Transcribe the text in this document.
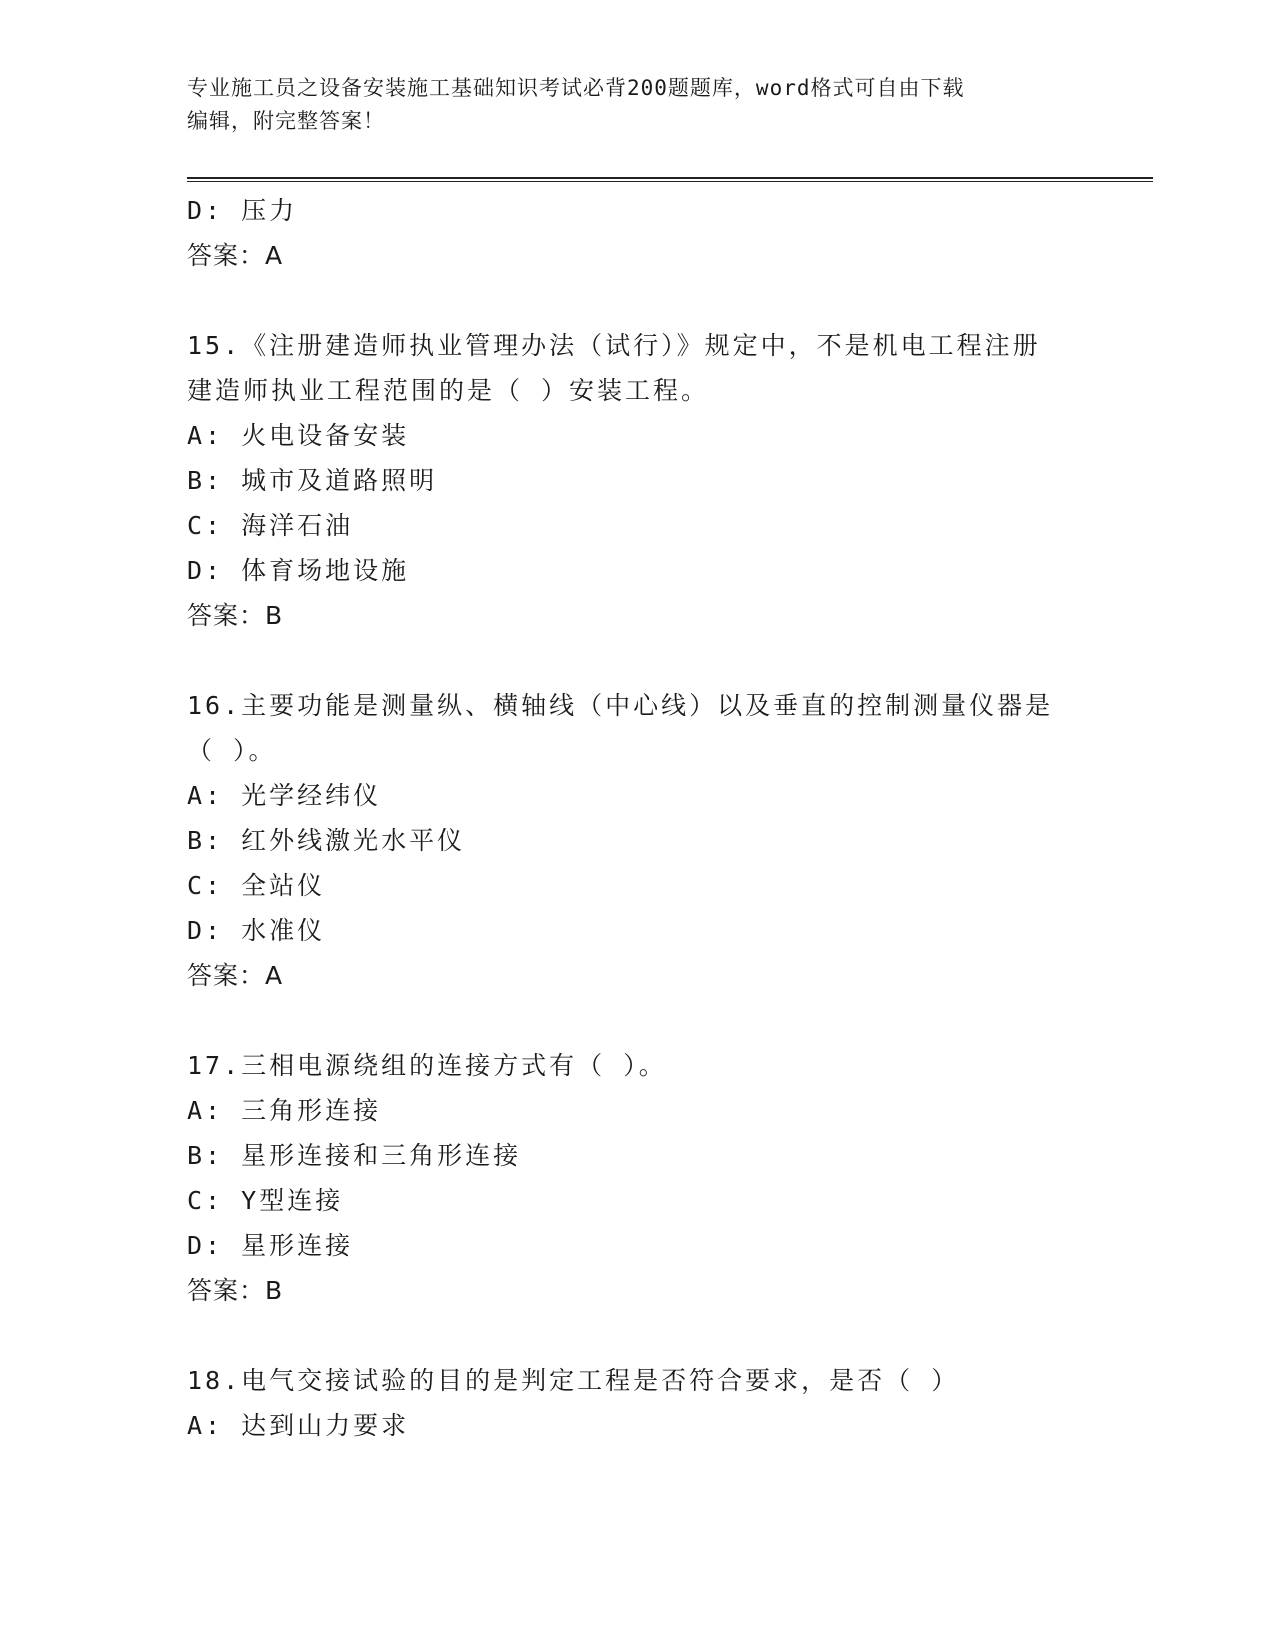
专业施工员之设备安装施工基础知识考试必背200题题库，word格式可自由下载
编辑，附完整答案！
D: 压力
答案：A
15.《注册建造师执业管理办法（试行）》规定中，不是机电工程注册
建造师执业工程范围的是（ ）安装工程。
A: 火电设备安装
B: 城市及道路照明
C: 海洋石油
D: 体育场地设施
答案：B
16.主要功能是测量纵、横轴线（中心线）以及垂直的控制测量仪器是
（ ）。
A: 光学经纬仪
B: 红外线激光水平仪
C: 全站仪
D: 水准仪
答案：A
17.三相电源绕组的连接方式有（ ）。
A: 三角形连接
B: 星形连接和三角形连接
C: Y型连接
D: 星形连接
答案：B
18.电气交接试验的目的是判定工程是否符合要求，是否（ ）
A: 达到山力要求
